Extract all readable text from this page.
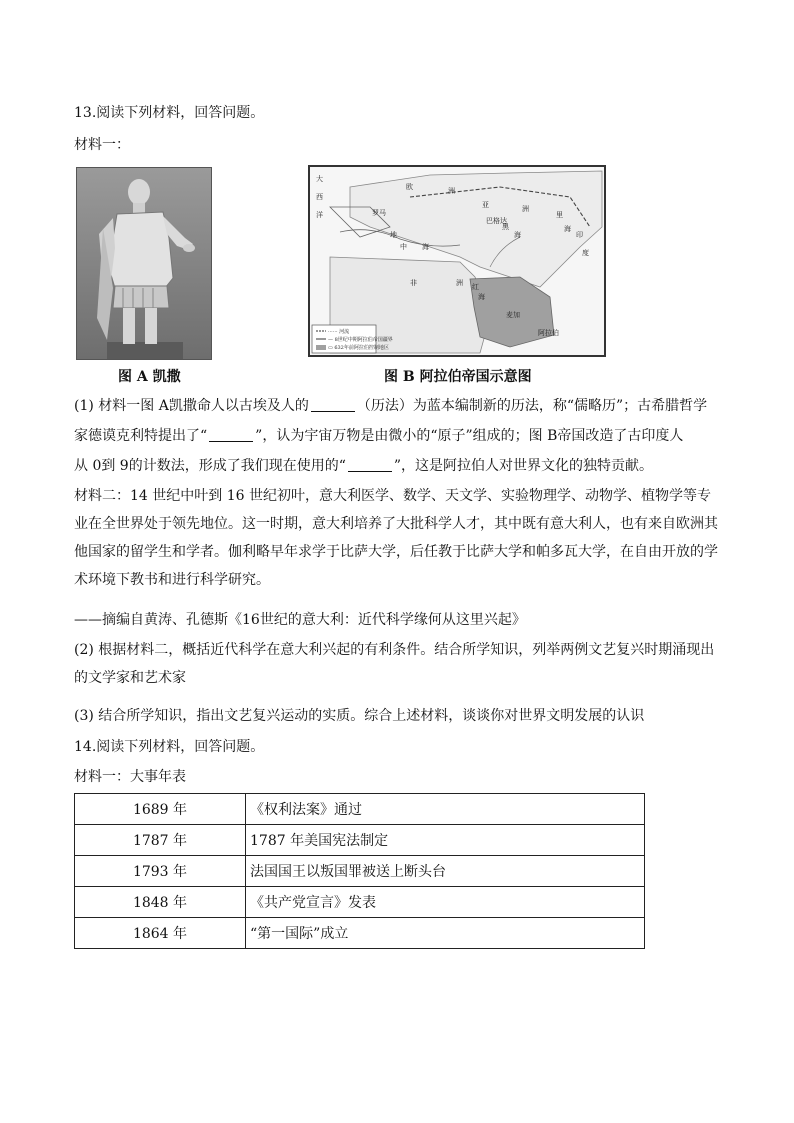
13.阅读下列材料，回答问题。
材料一：
图 A 凯撒
······ 河流
— 8世纪中期阿拉伯帝国疆界
▭ 632年前阿拉伯控制地区
大
西
洋
欧	洲
罗马
地
中 海
亚	洲
巴格达
黑
海
里
海
非	洲 红
海
麦加
阿拉伯
印
度
图 B 阿拉伯帝国示意图
(1) 材料一图 A凯撒命人以古埃及人的	（历法）为蓝本编制新的历法，称“儒略历”；古希腊哲学
家德谟克利特提出了“	”，认为宇宙万物是由微小的“原子”组成的；图 B帝国改造了古印度人
从 0到 9的计数法，形成了我们现在使用的“	”，这是阿拉伯人对世界文化的独特贡献。
材料二：14 世纪中叶到 16 世纪初叶，意大利医学、数学、天文学、实验物理学、动物学、植物学等专业在全世界处于领先地位。这一时期，意大利培养了大批科学人才，其中既有意大利人，也有来自欧洲其他国家的留学生和学者。伽利略早年求学于比萨大学，后任教于比萨大学和帕多瓦大学，在自由开放的学术环境下教书和进行科学研究。
——摘编自黄涛、孔德斯《16世纪的意大利：近代科学缘何从这里兴起》
(2) 根据材料二，概括近代科学在意大利兴起的有利条件。结合所学知识，列举两例文艺复兴时期涌现出的文学家和艺术家
(3) 结合所学知识，指出文艺复兴运动的实质。综合上述材料，谈谈你对世界文明发展的认识
14.阅读下列材料，回答问题。
材料一：大事年表
1689 年	《权利法案》通过
1787 年	1787 年美国宪法制定
1793 年	法国国王以叛国罪被送上断头台
1848 年	《共产党宣言》发表
1864 年	“第一国际”成立
